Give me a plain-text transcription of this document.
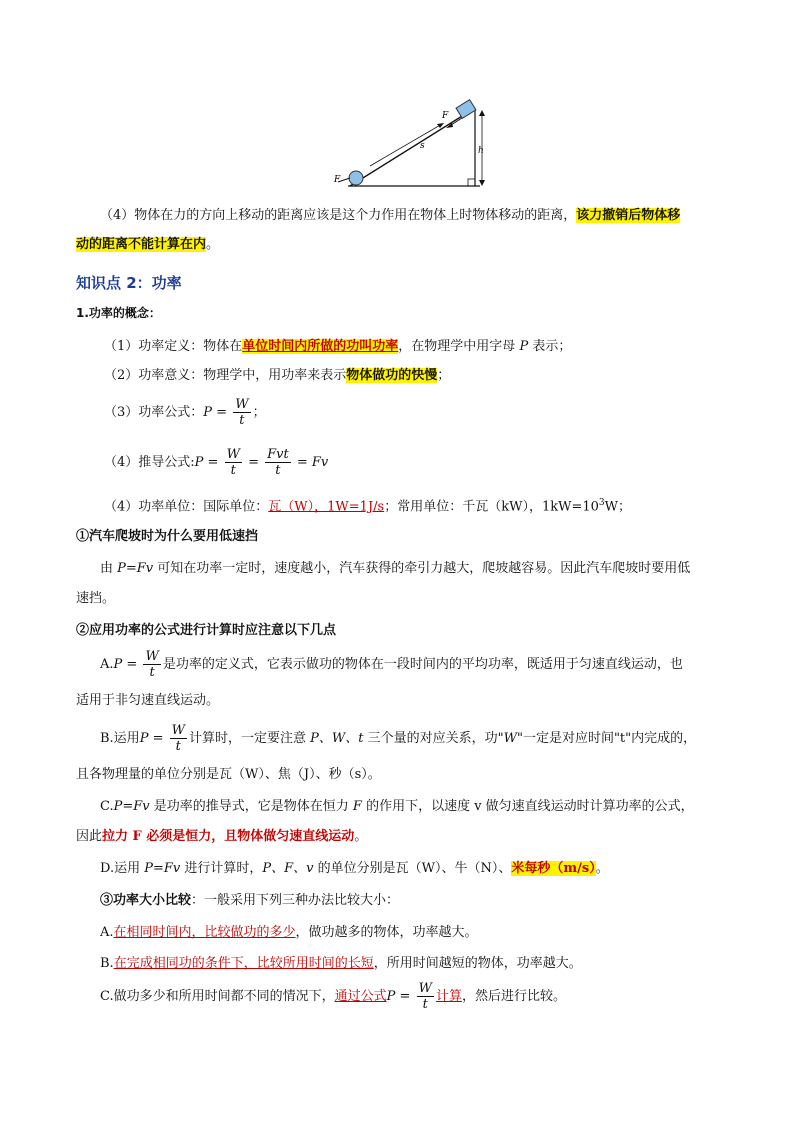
F
F
s	h
（4）物体在力的方向上移动的距离应该是这个力作用在物体上时物体移动的距离，该力撤销后物体移
动的距离不能计算在内。
知识点 2：功率
1.功率的概念：
（1）功率定义：物体在单位时间内所做的功叫功率，在物理学中用字母 P 表示；
（2）功率意义：物理学中，用功率来表示物体做功的快慢；
（3）功率公式：$P = \frac{W}{t}$ ；
（4）推导公式:P = $\frac{W}{t} = \frac{\text{Fvt}}{t} = Fv$
（4）功率单位：国际单位：瓦（W），1W=1J/s；常用单位：千瓦（kW），$1kW=10^3W$；
①汽车爬坡时为什么要用低速挡
由 P=Fv 可知在功率一定时，速度越小，汽车获得的牵引力越大，爬坡越容易。因此汽车爬坡时要用低
速挡。
②应用功率的公式进行计算时应注意以下几点
$A.P = \frac{W}{t}$ 是功率的定义式，它表示做功的物体在一段时间内的平均功率，既适用于匀速直线运动，也
适用于非匀速直线运动。
B.运用$P = \frac{W}{t}$ 计算时，一定要注意 P、W、t 三个量的对应关系，功"W"一定是对应时间"t"内完成的，
且各物理量的单位分别是瓦（W）、焦（J）、秒（s）。
C.P=Fv 是功率的推导式，它是物体在恒力 F 的作用下，以速度 v 做匀速直线运动时计算功率的公式，
因此拉力 F 必须是恒力，且物体做匀速直线运动。
D.运用 P=Fv 进行计算时，P、F、v 的单位分别是瓦（W）、牛（N）、米每秒（m/s）。
③功率大小比较：一般采用下列三种办法比较大小：
A.在相同时间内，比较做功的多少，做功越多的物体，功率越大。
B.在完成相同功的条件下，比较所用时间的长短，所用时间越短的物体，功率越大。
C.做功多少和所用时间都不同的情况下，通过公式$P = \frac{W}{t}$ 计算，然后进行比较。
